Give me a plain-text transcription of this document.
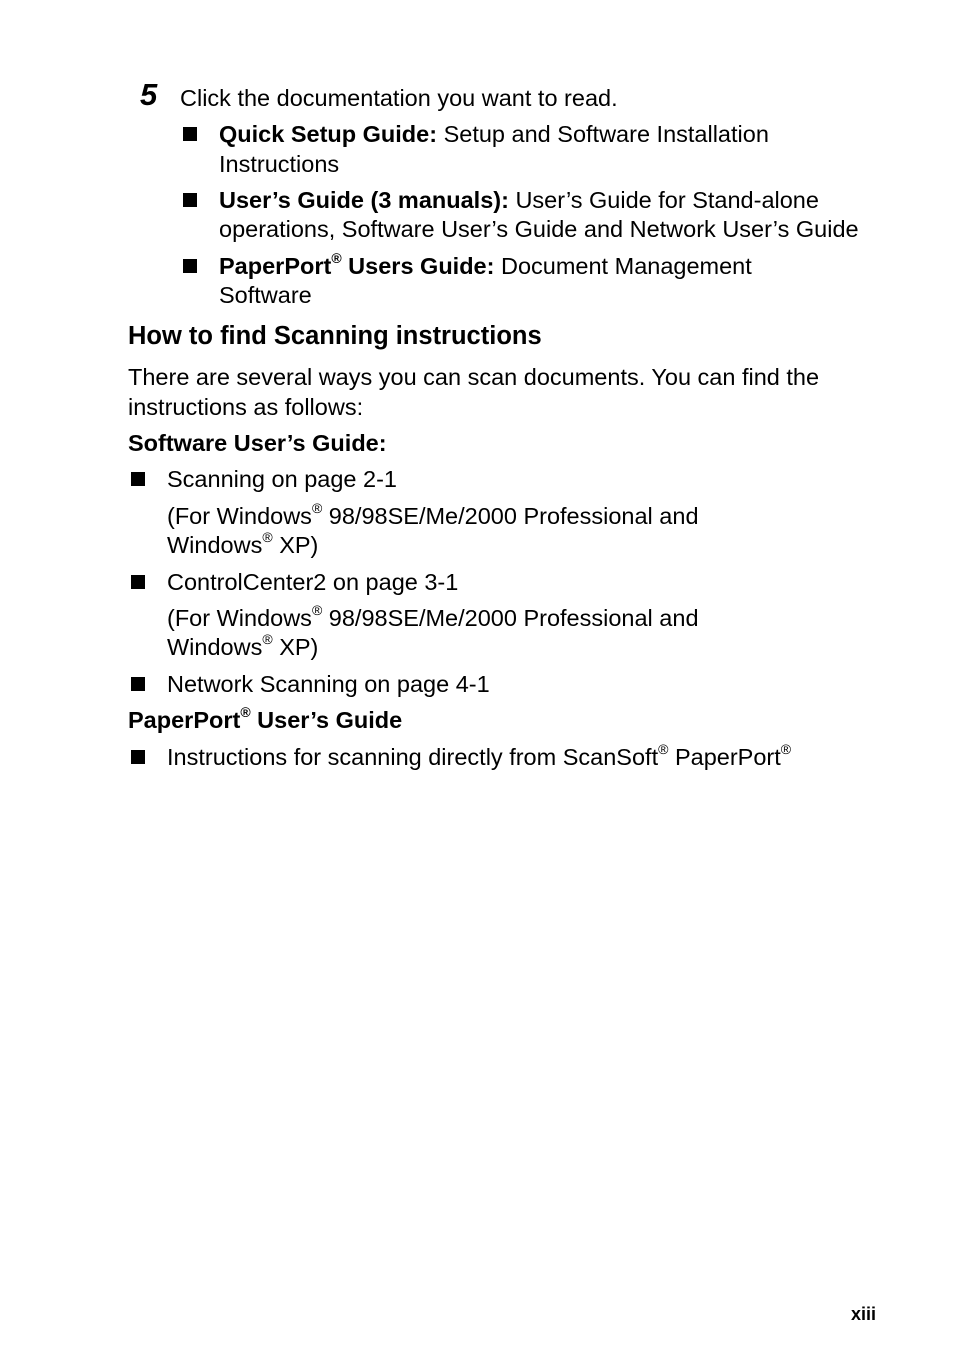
5 Click the documentation you want to read.
Quick Setup Guide: Setup and Software Installation
Instructions
User’s Guide (3 manuals): User’s Guide for Stand-alone
operations, Software User’s Guide and Network User’s Guide
PaperPort® Users Guide: Document Management
Software
How to find Scanning instructions
There are several ways you can scan documents. You can find the
instructions as follows:
Software User’s Guide:
Scanning on page 2-1
(For Windows® 98/98SE/Me/2000 Professional and
Windows® XP)
ControlCenter2 on page 3-1
(For Windows® 98/98SE/Me/2000 Professional and
Windows® XP)
Network Scanning on page 4-1
PaperPort® User’s Guide
Instructions for scanning directly from ScanSoft® PaperPort®
xiii
